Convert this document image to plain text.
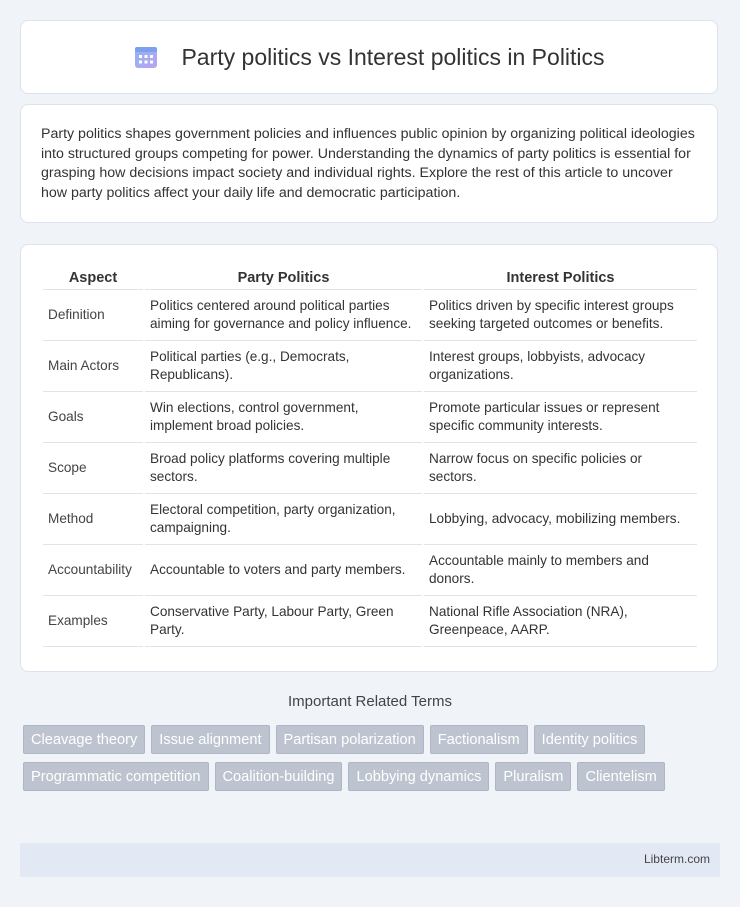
Party politics vs Interest politics in Politics
Party politics shapes government policies and influences public opinion by organizing political ideologies into structured groups competing for power. Understanding the dynamics of party politics is essential for grasping how decisions impact society and individual rights. Explore the rest of this article to uncover how party politics affect your daily life and democratic participation.
Aspect	Party Politics	Interest Politics
Definition	Politics centered around political parties aiming for governance and policy influence.	Politics driven by specific interest groups seeking targeted outcomes or benefits.
Main Actors	Political parties (e.g., Democrats, Republicans).	Interest groups, lobbyists, advocacy organizations.
Goals	Win elections, control government, implement broad policies.	Promote particular issues or represent specific community interests.
Scope	Broad policy platforms covering multiple sectors.	Narrow focus on specific policies or sectors.
Method	Electoral competition, party organization, campaigning.	Lobbying, advocacy, mobilizing members.
Accountability	Accountable to voters and party members.	Accountable mainly to members and donors.
Examples	Conservative Party, Labour Party, Green Party.	National Rifle Association (NRA), Greenpeace, AARP.
Important Related Terms
Cleavage theory	Issue alignment	Partisan polarization	Factionalism	Identity politics
Programmatic competition	Coalition-building	Lobbying dynamics	Pluralism	Clientelism
Libterm.com
